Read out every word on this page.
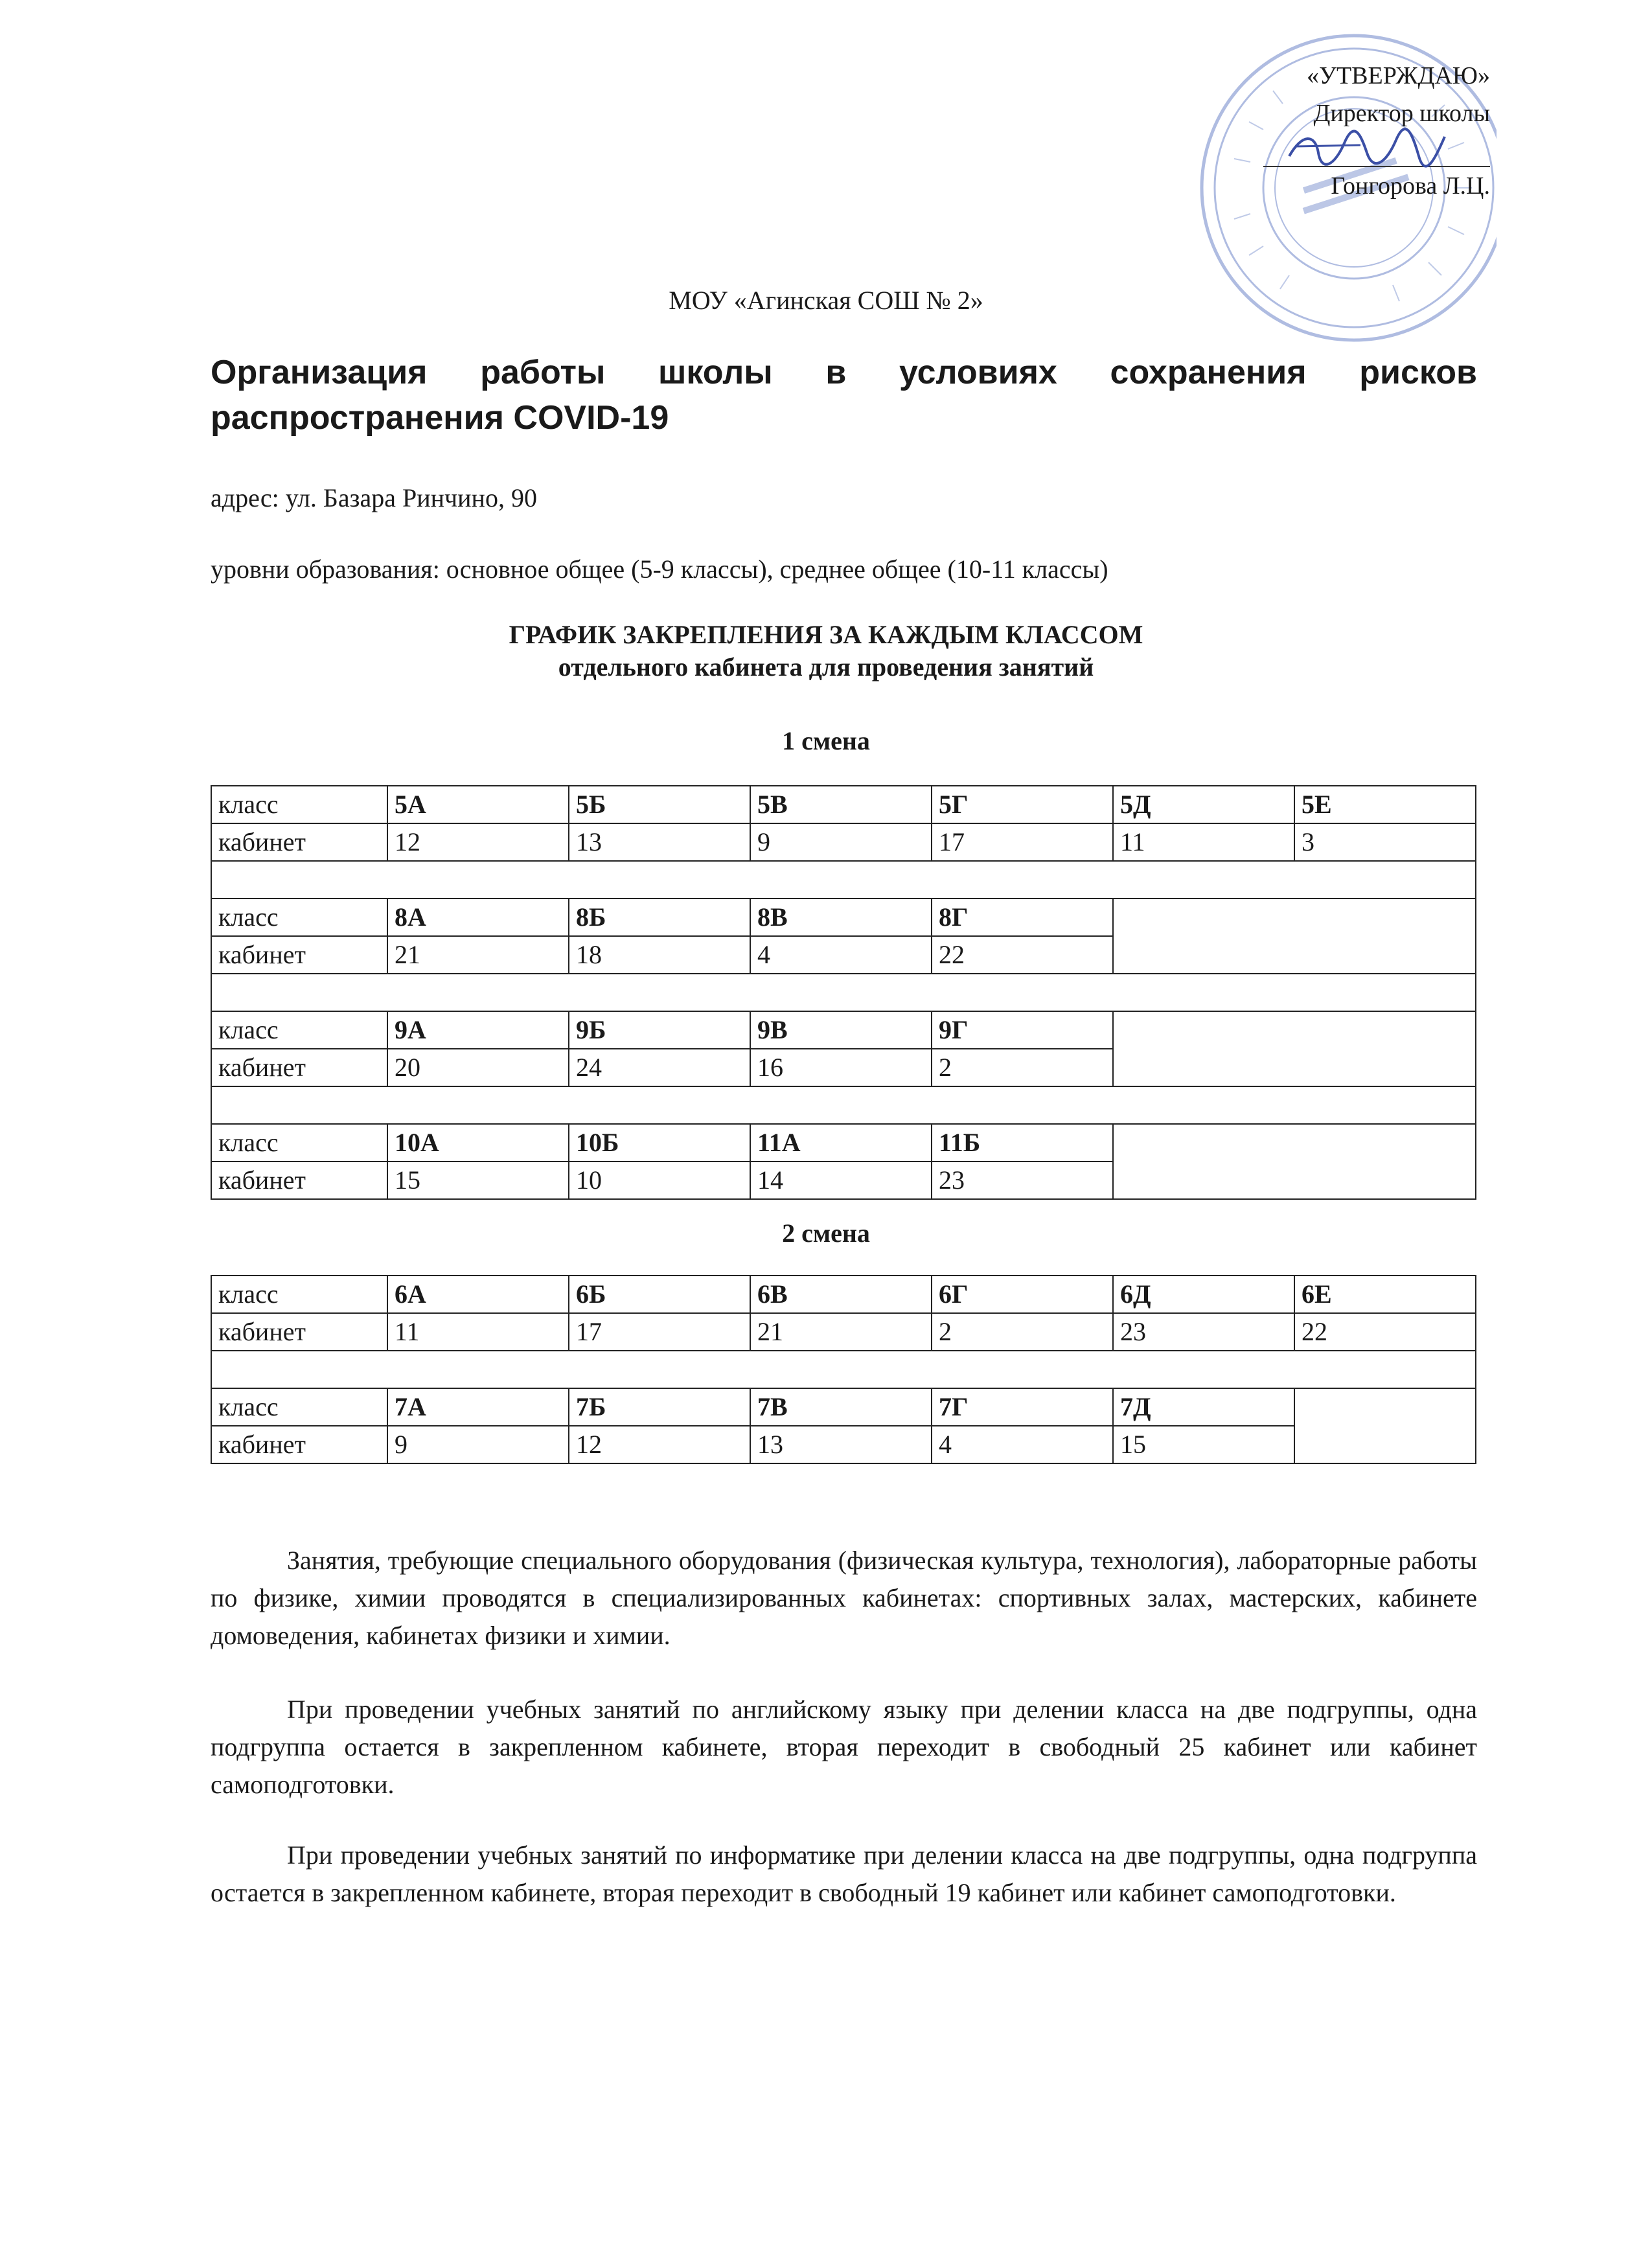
«УТВЕРЖДАЮ»
Директор школы
Гонгорова Л.Ц.
МОУ «Агинская СОШ № 2»
Организация работы школы в условиях сохранения рисков распространения COVID-19
адрес: ул. Базара Ринчино, 90
уровни образования: основное общее (5-9 классы), среднее общее (10-11 классы)
ГРАФИК ЗАКРЕПЛЕНИЯ ЗА КАЖДЫМ КЛАССОМ
отдельного кабинета для проведения занятий
1 смена
класс	5А	5Б	5В	5Г	5Д	5Е
кабинет	12	13	9	17	11	3

класс	8А	8Б	8В	8Г		
кабинет	21	18	4	22		

класс	9А	9Б	9В	9Г		
кабинет	20	24	16	2		

класс	10А	10Б	11А	11Б		
кабинет	15	10	14	23		
2 смена
класс	6А	6Б	6В	6Г	6Д	6Е
кабинет	11	17	21	2	23	22

класс	7А	7Б	7В	7Г	7Д	
кабинет	9	12	13	4	15	
Занятия, требующие специального оборудования (физическая культура, технология), лабораторные работы по физике, химии проводятся в специализированных кабинетах: спортивных залах, мастерских, кабинете домоведения, кабинетах физики и химии.
При проведении учебных занятий по английскому языку при делении класса на две подгруппы, одна подгруппа остается в закрепленном кабинете, вторая переходит в свободный 25 кабинет или кабинет самоподготовки.
При проведении учебных занятий по информатике при делении класса на две подгруппы, одна подгруппа остается в закрепленном кабинете, вторая переходит в свободный 19 кабинет или кабинет самоподготовки.
